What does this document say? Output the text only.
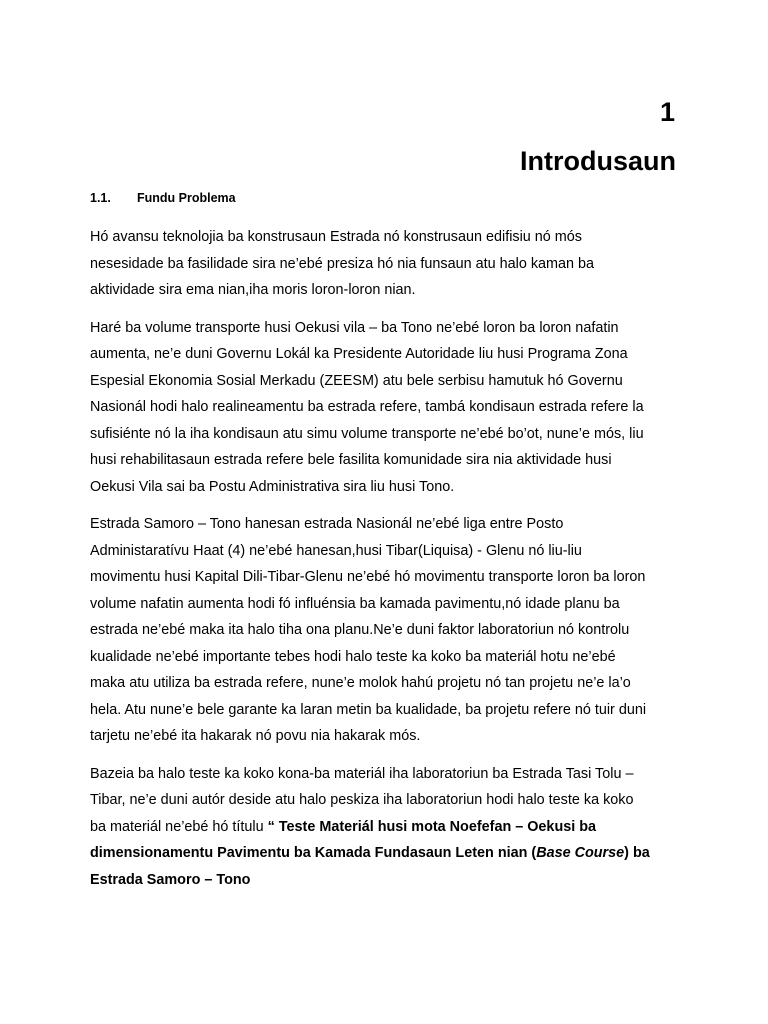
1
Introdusaun
1.1. Fundu Problema

Hó avansu teknolojia ba konstrusaun Estrada nó konstrusaun edifisiu nó mós
nesesidade ba fasilidade sira ne’ebé presiza hó nia funsaun atu halo kaman ba
aktividade sira ema nian,iha moris loron-loron nian.

Haré ba volume transporte husi Oekusi vila – ba Tono ne’ebé loron ba loron nafatin
aumenta, ne’e duni Governu Lokál ka Presidente Autoridade liu husi Programa Zona
Espesial Ekonomia Sosial Merkadu (ZEESM) atu bele serbisu hamutuk hó Governu
Nasionál hodi halo realineamentu ba estrada refere, tambá kondisaun estrada refere la
sufisiénte nó la iha kondisaun atu simu volume transporte ne’ebé bo’ot, nune’e mós, liu
husi rehabilitasaun estrada refere bele fasilita komunidade sira nia aktividade husi
Oekusi Vila sai ba Postu Administrativa sira liu husi Tono.

Estrada Samoro – Tono hanesan estrada Nasionál ne’ebé liga entre Posto
Administaratívu Haat (4) ne’ebé hanesan,husi Tibar(Liquisa) - Glenu nó liu-liu
movimentu husi Kapital Dili-Tibar-Glenu ne’ebé hó movimentu transporte loron ba loron
volume nafatin aumenta hodi fó influénsia ba kamada pavimentu,nó idade planu ba
estrada ne’ebé maka ita halo tiha ona planu.Ne’e duni faktor laboratoriun nó kontrolu
kualidade ne’ebé importante tebes hodi halo teste ka koko ba materiál hotu ne’ebé
maka atu utiliza ba estrada refere, nune’e molok hahú projetu nó tan projetu ne’e la’o
hela. Atu nune’e bele garante ka laran metin ba kualidade, ba projetu refere nó tuir duni
tarjetu ne’ebé ita hakarak nó povu nia hakarak mós.

Bazeia ba halo teste ka koko kona-ba materiál iha laboratoriun ba Estrada Tasi Tolu –
Tibar, ne’e duni autór deside atu halo peskiza iha laboratoriun hodi halo teste ka koko
ba materiál ne’ebé hó títulu “ Teste Materiál husi mota Noefefan – Oekusi ba
dimensionamentu Pavimentu ba Kamada Fundasaun Leten nian (Base Course) ba
Estrada Samoro – Tono
